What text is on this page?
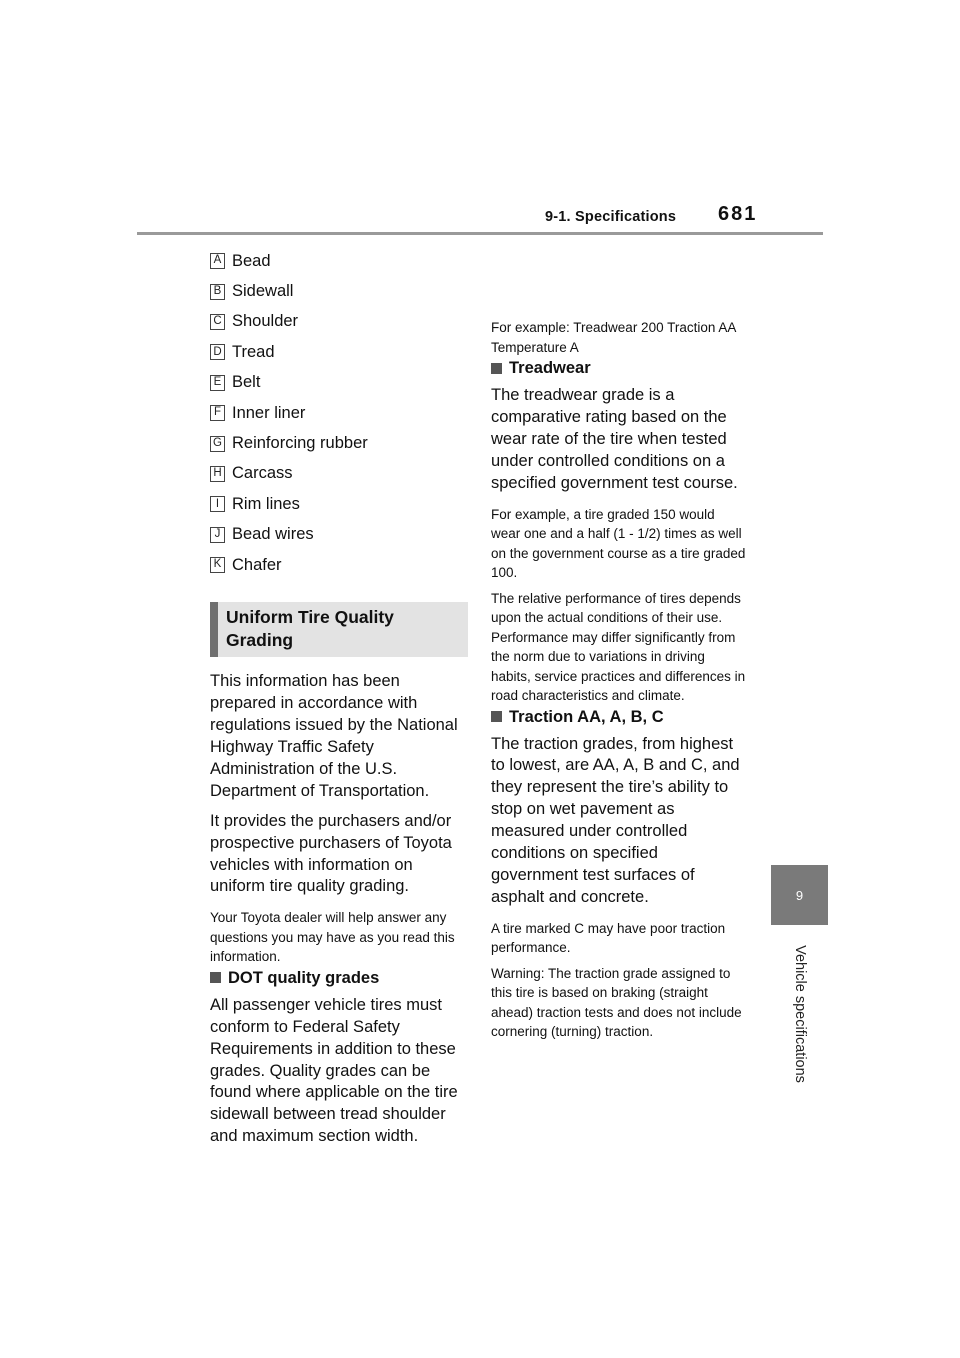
9-1. Specifications 681
9
Vehicle specifications
A Bead
B Sidewall
C Shoulder
D Tread
E Belt
F Inner liner
G Reinforcing rubber
H Carcass
I Rim lines
J Bead wires
K Chafer
Uniform Tire Quality Grading

This information has been prepared in accordance with regulations issued by the National Highway Traffic Safety Administration of the U.S. Department of Transportation.

It provides the purchasers and/or prospective purchasers of Toyota vehicles with information on uniform tire quality grading.

Your Toyota dealer will help answer any questions you may have as you read this information.

DOT quality grades

All passenger vehicle tires must conform to Federal Safety Requirements in addition to these grades. Quality grades can be found where applicable on the tire sidewall between tread shoulder and maximum section width.

For example: Treadwear 200 Traction AA Temperature A

Treadwear

The treadwear grade is a comparative rating based on the wear rate of the tire when tested under controlled conditions on a specified government test course.

For example, a tire graded 150 would wear one and a half (1 - 1/2) times as well on the government course as a tire graded 100.

The relative performance of tires depends upon the actual conditions of their use. Performance may differ significantly from the norm due to variations in driving habits, service practices and differences in road characteristics and climate.

Traction AA, A, B, C

The traction grades, from highest to lowest, are AA, A, B and C, and they represent the tire’s ability to stop on wet pavement as measured under controlled conditions on specified government test surfaces of asphalt and concrete.

A tire marked C may have poor traction performance.

Warning: The traction grade assigned to this tire is based on braking (straight ahead) traction tests and does not include cornering (turning) traction.
